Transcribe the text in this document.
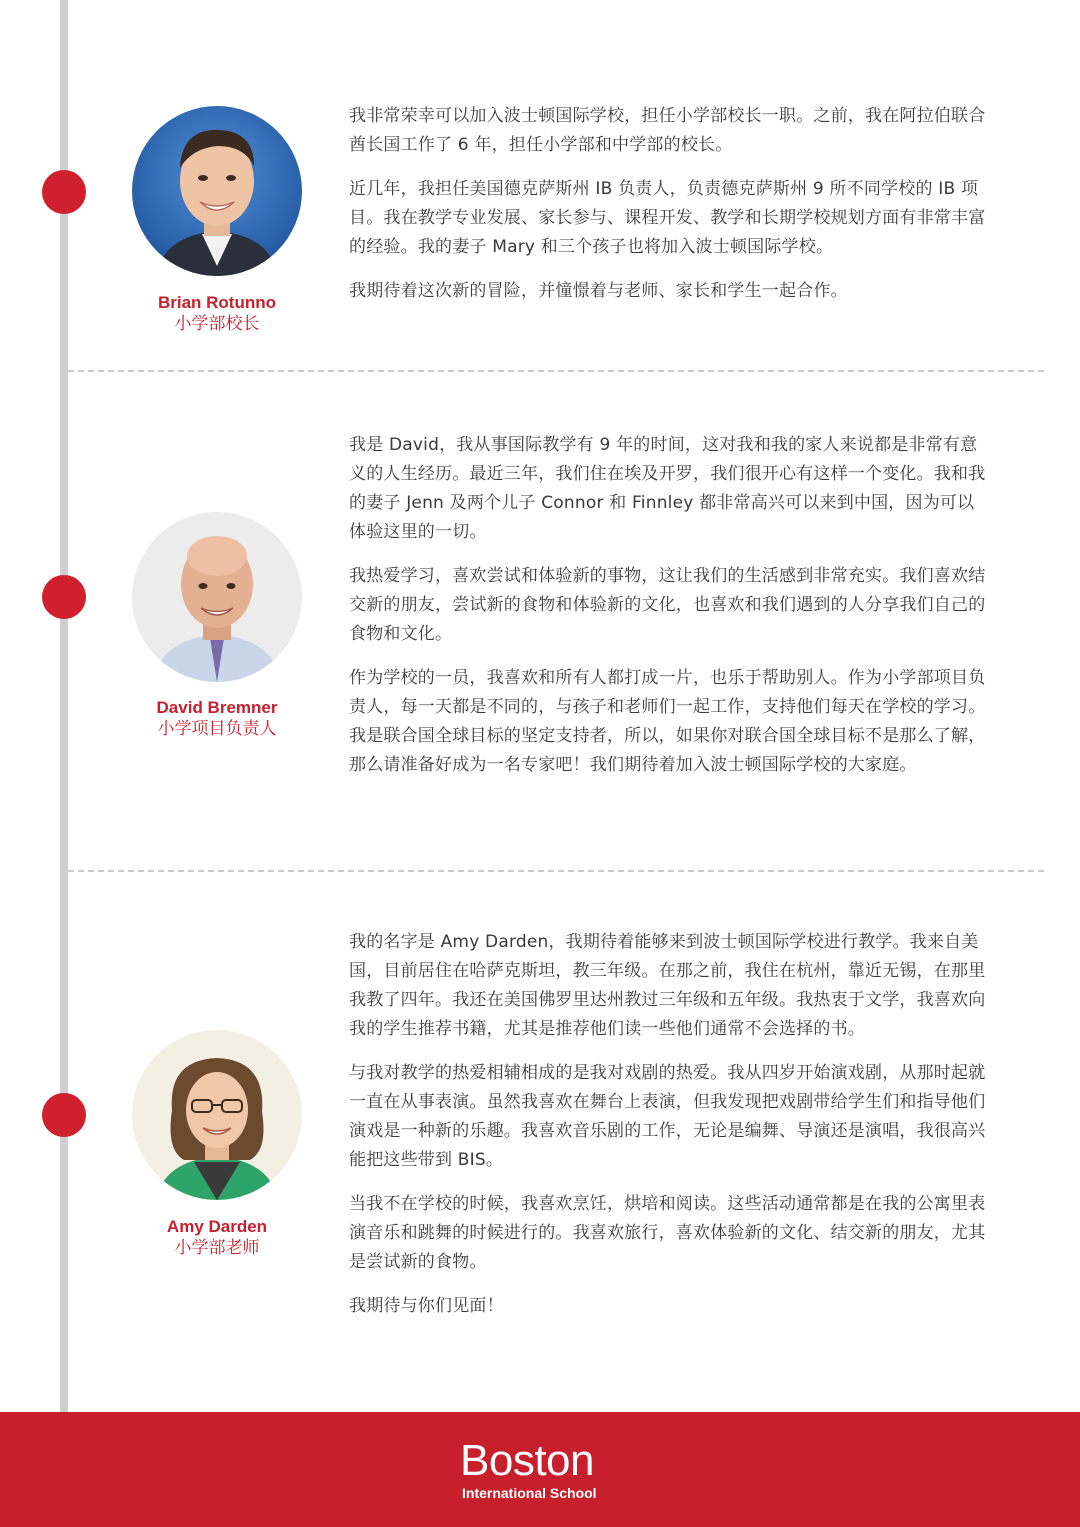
Brian Rotunno
小学部校长

我非常荣幸可以加入波士顿国际学校，担任小学部校长一职。之前，我在阿拉伯联合酋长国工作了 6 年，担任小学部和中学部的校长。

近几年，我担任美国德克萨斯州 IB 负责人，负责德克萨斯州 9 所不同学校的 IB 项目。我在教学专业发展、家长参与、课程开发、教学和长期学校规划方面有非常丰富的经验。我的妻子 Mary 和三个孩子也将加入波士顿国际学校。

我期待着这次新的冒险，并憧憬着与老师、家长和学生一起合作。

David Bremner
小学项目负责人

我是 David，我从事国际教学有 9 年的时间，这对我和我的家人来说都是非常有意义的人生经历。最近三年，我们住在埃及开罗，我们很开心有这样一个变化。我和我的妻子 Jenn 及两个儿子 Connor 和 Finnley 都非常高兴可以来到中国，因为可以体验这里的一切。

我热爱学习，喜欢尝试和体验新的事物，这让我们的生活感到非常充实。我们喜欢结交新的朋友，尝试新的食物和体验新的文化，也喜欢和我们遇到的人分享我们自己的食物和文化。

作为学校的一员，我喜欢和所有人都打成一片，也乐于帮助别人。作为小学部项目负责人，每一天都是不同的，与孩子和老师们一起工作，支持他们每天在学校的学习。我是联合国全球目标的坚定支持者，所以，如果你对联合国全球目标不是那么了解，那么请准备好成为一名专家吧！我们期待着加入波士顿国际学校的大家庭。

Amy Darden
小学部老师

我的名字是 Amy Darden，我期待着能够来到波士顿国际学校进行教学。我来自美国，目前居住在哈萨克斯坦，教三年级。在那之前，我住在杭州，靠近无锡，在那里我教了四年。我还在美国佛罗里达州教过三年级和五年级。我热衷于文学，我喜欢向我的学生推荐书籍，尤其是推荐他们读一些他们通常不会选择的书。

与我对教学的热爱相辅相成的是我对戏剧的热爱。我从四岁开始演戏剧，从那时起就一直在从事表演。虽然我喜欢在舞台上表演，但我发现把戏剧带给学生们和指导他们演戏是一种新的乐趣。我喜欢音乐剧的工作，无论是编舞、导演还是演唱，我很高兴能把这些带到 BIS。

当我不在学校的时候，我喜欢烹饪，烘培和阅读。这些活动通常都是在我的公寓里表演音乐和跳舞的时候进行的。我喜欢旅行，喜欢体验新的文化、结交新的朋友，尤其是尝试新的食物。

我期待与你们见面！

Boston
International School
